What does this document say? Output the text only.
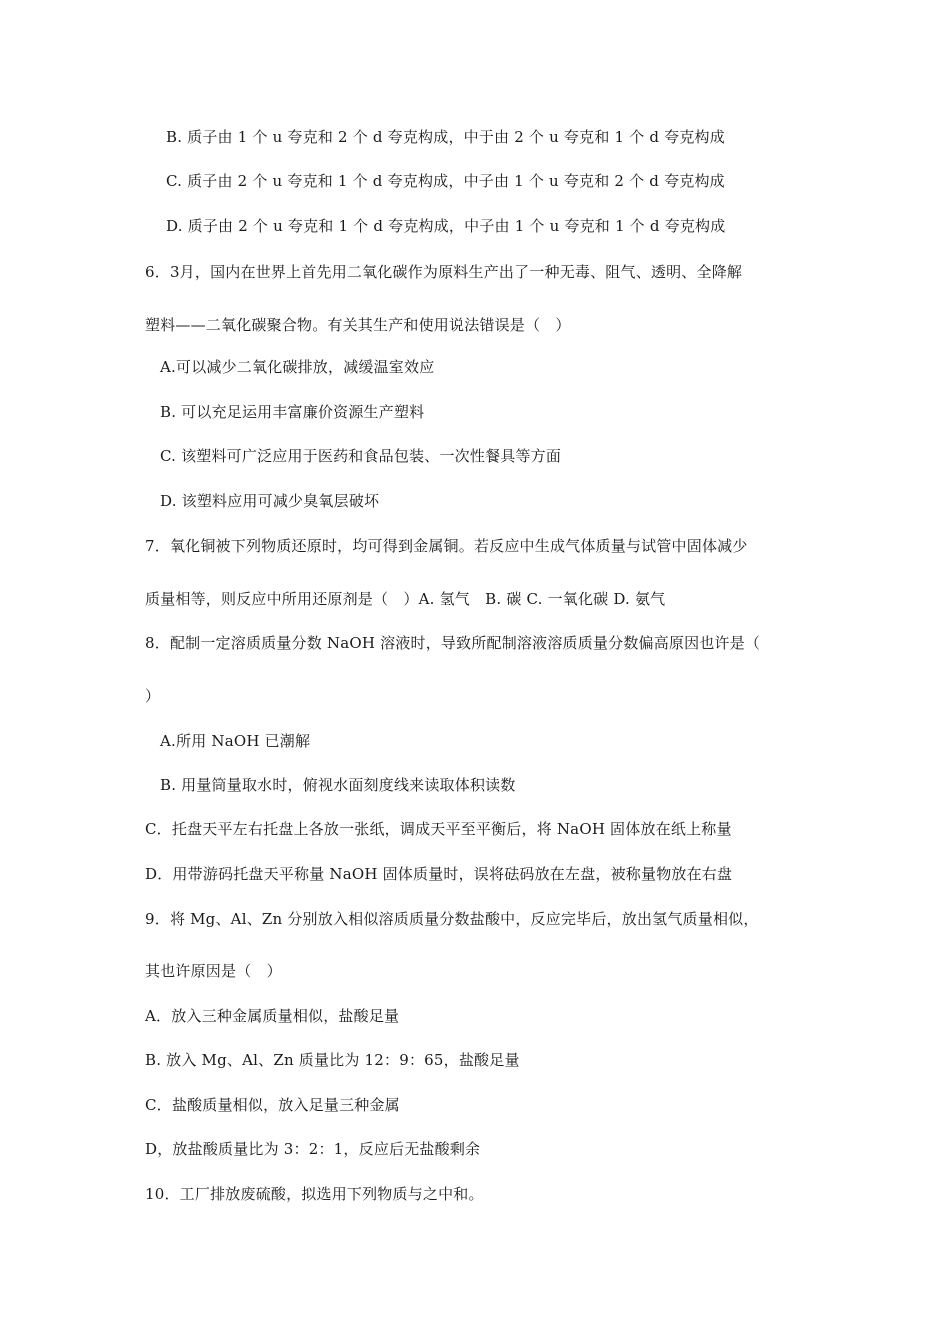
B. 质子由 1 个 u 夸克和 2 个 d 夸克构成，中于由 2 个 u 夸克和 1 个 d 夸克构成
C. 质子由 2 个 u 夸克和 1 个 d 夸克构成，中子由 1 个 u 夸克和 2 个 d 夸克构成
D. 质子由 2 个 u 夸克和 1 个 d 夸克构成，中子由 1 个 u 夸克和 1 个 d 夸克构成
6．3月，国内在世界上首先用二氧化碳作为原料生产出了一种无毒、阻气、透明、全降解
塑料——二氧化碳聚合物。有关其生产和使用说法错误是（　）
A.可以减少二氧化碳排放，减缓温室效应
B. 可以充足运用丰富廉价资源生产塑料
C. 该塑料可广泛应用于医药和食品包装、一次性餐具等方面
D. 该塑料应用可减少臭氧层破坏
7．氧化铜被下列物质还原时，均可得到金属铜。若反应中生成气体质量与试管中固体减少
质量相等，则反应中所用还原剂是（　）A. 氢气　B. 碳 C. 一氧化碳 D. 氨气
8．配制一定溶质质量分数 NaOH 溶液时，导致所配制溶液溶质质量分数偏高原因也许是（
）
A.所用 NaOH 已潮解
B. 用量筒量取水时，俯视水面刻度线来读取体积读数
C．托盘天平左右托盘上各放一张纸，调成天平至平衡后，将 NaOH 固体放在纸上称量
D．用带游码托盘天平称量 NaOH 固体质量时，误将砝码放在左盘，被称量物放在右盘
9．将 Mg、Al、Zn 分别放入相似溶质质量分数盐酸中，反应完毕后，放出氢气质量相似，
其也许原因是（　）
A．放入三种金属质量相似，盐酸足量
B. 放入 Mg、Al、Zn 质量比为 12：9：65，盐酸足量
C．盐酸质量相似，放入足量三种金属
D，放盐酸质量比为 3：2：1，反应后无盐酸剩余
10．工厂排放废硫酸，拟选用下列物质与之中和。
